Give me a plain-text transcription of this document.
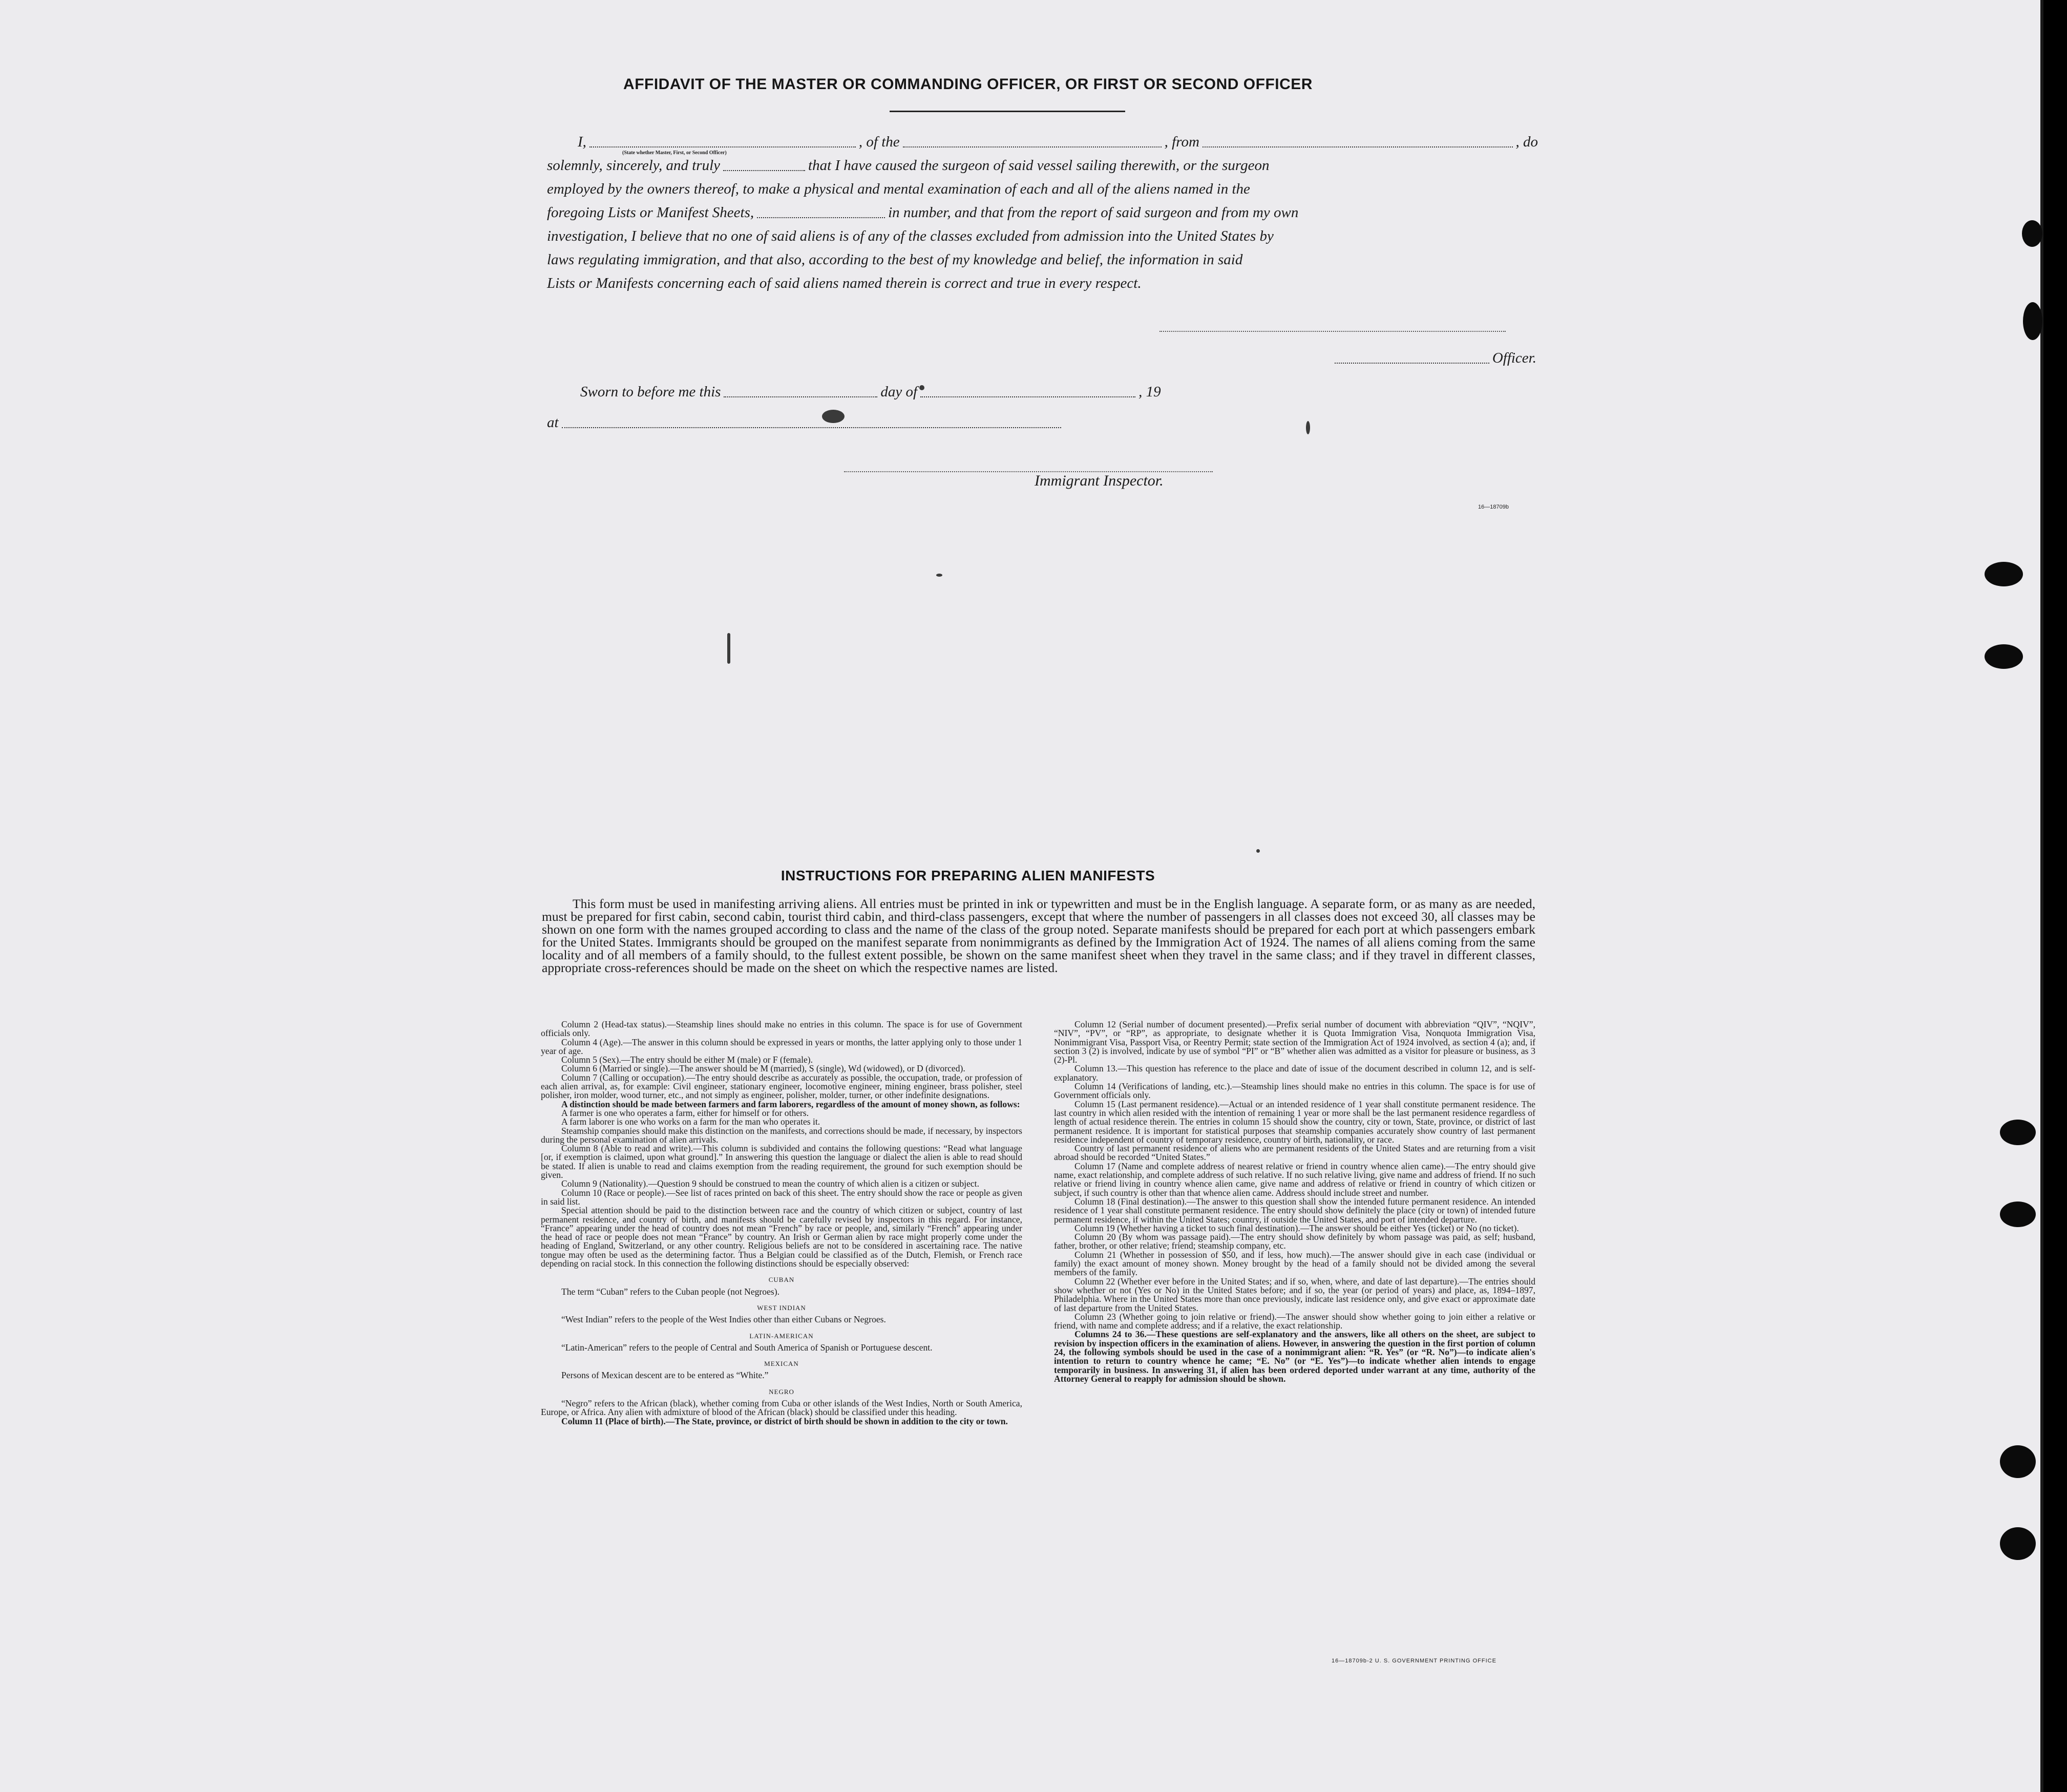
AFFIDAVIT OF THE MASTER OR COMMANDING OFFICER, OR FIRST OR SECOND OFFICER
I,	, of the	, from	, do
(State whether Master, First, or Second Officer)
solemnly, sincerely, and truly	that I have caused the surgeon of said vessel sailing therewith, or the surgeon
employed by the owners thereof, to make a physical and mental examination of each and all of the aliens named in the
foregoing Lists or Manifest Sheets,	in number, and that from the report of said surgeon and from my own
investigation, I believe that no one of said aliens is of any of the classes excluded from admission into the United States by
laws regulating immigration, and that also, according to the best of my knowledge and belief, the information in said
Lists or Manifests concerning each of said aliens named therein is correct and true in every respect.
Officer.
Sworn to before me this	day of	, 19
at
Immigrant Inspector.
16—18709b
INSTRUCTIONS FOR PREPARING ALIEN MANIFESTS
This form must be used in manifesting arriving aliens. All entries must be printed in ink or typewritten and must be in the English language. A separate form, or as many as are needed, must be prepared for first cabin, second cabin, tourist third cabin, and third-class passengers, except that where the number of passengers in all classes does not exceed 30, all classes may be shown on one form with the names grouped according to class and the name of the class of the group noted. Separate manifests should be prepared for each port at which passengers embark for the United States. Immigrants should be grouped on the manifest separate from nonimmigrants as defined by the Immigration Act of 1924. The names of all aliens coming from the same locality and of all members of a family should, to the fullest extent possible, be shown on the same manifest sheet when they travel in the same class; and if they travel in different classes, appropriate cross-references should be made on the sheet on which the respective names are listed.

Column 2 (Head-tax status).—Steamship lines should make no entries in this column. The space is for use of Government officials only.

Column 4 (Age).—The answer in this column should be expressed in years or months, the latter applying only to those under 1 year of age.

Column 5 (Sex).—The entry should be either M (male) or F (female).

Column 6 (Married or single).—The answer should be M (married), S (single), Wd (widowed), or D (divorced).

Column 7 (Calling or occupation).—The entry should describe as accurately as possible, the occupation, trade, or profession of each alien arrival, as, for example: Civil engineer, stationary engineer, locomotive engineer, mining engineer, brass polisher, steel polisher, iron molder, wood turner, etc., and not simply as engineer, polisher, molder, turner, or other indefinite designations.

A distinction should be made between farmers and farm laborers, regardless of the amount of money shown, as follows:

A farmer is one who operates a farm, either for himself or for others.

A farm laborer is one who works on a farm for the man who operates it.

Steamship companies should make this distinction on the manifests, and corrections should be made, if necessary, by inspectors during the personal examination of alien arrivals.

Column 8 (Able to read and write).—This column is subdivided and contains the following questions: “Read what language [or, if exemption is claimed, upon what ground].” In answering this question the language or dialect the alien is able to read should be stated. If alien is unable to read and claims exemption from the reading requirement, the ground for such exemption should be given.

Column 9 (Nationality).—Question 9 should be construed to mean the country of which alien is a citizen or subject.

Column 10 (Race or people).—See list of races printed on back of this sheet. The entry should show the race or people as given in said list.

Special attention should be paid to the distinction between race and the country of which citizen or subject, country of last permanent residence, and country of birth, and manifests should be carefully revised by inspectors in this regard. For instance, “France” appearing under the head of country does not mean “French” by race or people, and, similarly “French” appearing under the head of race or people does not mean “France” by country. An Irish or German alien by race might properly come under the heading of England, Switzerland, or any other country. Religious beliefs are not to be considered in ascertaining race. The native tongue may often be used as the determining factor. Thus a Belgian could be classified as of the Dutch, Flemish, or French race depending on racial stock. In this connection the following distinctions should be especially observed:

CUBAN

The term “Cuban” refers to the Cuban people (not Negroes).

WEST INDIAN

“West Indian” refers to the people of the West Indies other than either Cubans or Negroes.

LATIN-AMERICAN

“Latin-American” refers to the people of Central and South America of Spanish or Portuguese descent.

MEXICAN

Persons of Mexican descent are to be entered as “White.”

NEGRO

“Negro” refers to the African (black), whether coming from Cuba or other islands of the West Indies, North or South America, Europe, or Africa. Any alien with admixture of blood of the African (black) should be classified under this heading.

Column 11 (Place of birth).—The State, province, or district of birth should be shown in addition to the city or town.

Column 12 (Serial number of document presented).—Prefix serial number of document with abbreviation “QIV”, “NQIV”, “NIV”, “PV”, or “RP”, as appropriate, to designate whether it is Quota Immigration Visa, Nonquota Immigration Visa, Nonimmigrant Visa, Passport Visa, or Reentry Permit; state section of the Immigration Act of 1924 involved, as section 4 (a); and, if section 3 (2) is involved, indicate by use of symbol “PI” or “B” whether alien was admitted as a visitor for pleasure or business, as 3 (2)-Pl.

Column 13.—This question has reference to the place and date of issue of the document described in column 12, and is self-explanatory.

Column 14 (Verifications of landing, etc.).—Steamship lines should make no entries in this column. The space is for use of Government officials only.

Column 15 (Last permanent residence).—Actual or an intended residence of 1 year shall constitute permanent residence. The last country in which alien resided with the intention of remaining 1 year or more shall be the last permanent residence regardless of length of actual residence therein. The entries in column 15 should show the country, city or town, State, province, or district of last permanent residence. It is important for statistical purposes that steamship companies accurately show country of last permanent residence independent of country of temporary residence, country of birth, nationality, or race.

Country of last permanent residence of aliens who are permanent residents of the United States and are returning from a visit abroad should be recorded “United States.”

Column 17 (Name and complete address of nearest relative or friend in country whence alien came).—The entry should give name, exact relationship, and complete address of such relative. If no such relative living, give name and address of friend. If no such relative or friend living in country whence alien came, give name and address of relative or friend in country of which citizen or subject, if such country is other than that whence alien came. Address should include street and number.

Column 18 (Final destination).—The answer to this question shall show the intended future permanent residence. An intended residence of 1 year shall constitute permanent residence. The entry should show definitely the place (city or town) of intended future permanent residence, if within the United States; country, if outside the United States, and port of intended departure.

Column 19 (Whether having a ticket to such final destination).—The answer should be either Yes (ticket) or No (no ticket).

Column 20 (By whom was passage paid).—The entry should show definitely by whom passage was paid, as self; husband, father, brother, or other relative; friend; steamship company, etc.

Column 21 (Whether in possession of $50, and if less, how much).—The answer should give in each case (individual or family) the exact amount of money shown. Money brought by the head of a family should not be divided among the several members of the family.

Column 22 (Whether ever before in the United States; and if so, when, where, and date of last departure).—The entries should show whether or not (Yes or No) in the United States before; and if so, the year (or period of years) and place, as, 1894–1897, Philadelphia. Where in the United States more than once previously, indicate last residence only, and give exact or approximate date of last departure from the United States.

Column 23 (Whether going to join relative or friend).—The answer should show whether going to join either a relative or friend, with name and complete address; and if a relative, the exact relationship.

Columns 24 to 36.—These questions are self-explanatory and the answers, like all others on the sheet, are subject to revision by inspection officers in the examination of aliens. However, in answering the question in the first portion of column 24, the following symbols should be used in the case of a nonimmigrant alien: “R. Yes” (or “R. No”)—to indicate alien's intention to return to country whence he came; “E. No” (or “E. Yes”)—to indicate whether alien intends to engage temporarily in business. In answering 31, if alien has been ordered deported under warrant at any time, authority of the Attorney General to reapply for admission should be shown.

16—18709b-2 U. S. GOVERNMENT PRINTING OFFICE
